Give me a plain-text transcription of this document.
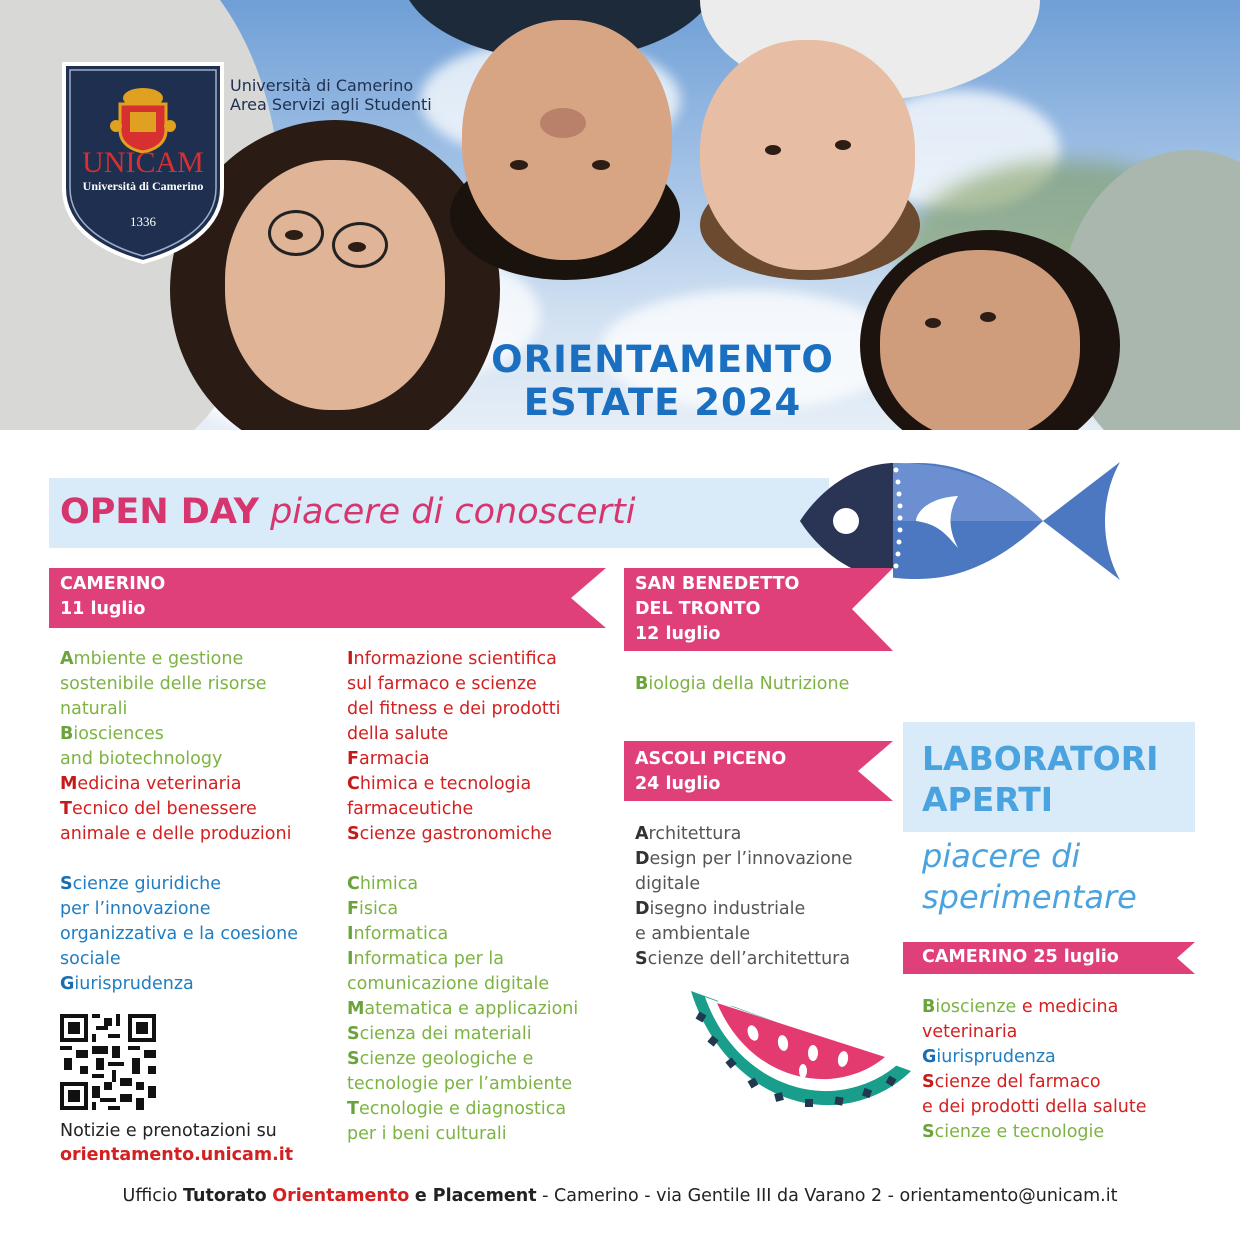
UNICAM
Università di Camerino
1336
Università di Camerino
Area Servizi agli Studenti
ORIENTAMENTO
ESTATE 2024
OPEN DAY piacere di conoscerti
CAMERINO
11 luglio
Ambiente e gestione
sostenibile delle risorse
naturali
Biosciences
and biotechnology
Medicina veterinaria
Tecnico del benessere
animale e delle produzioni
Scienze giuridiche
per l’innovazione
organizzativa e la coesione
sociale
Giurisprudenza
Informazione scientifica
sul farmaco e scienze
del fitness e dei prodotti
della salute
Farmacia
Chimica e tecnologia
farmaceutiche
Scienze gastronomiche
Chimica
Fisica
Informatica
Informatica per la
comunicazione digitale
Matematica e applicazioni
Scienza dei materiali
Scienze geologiche e
tecnologie per l’ambiente
Tecnologie e diagnostica
per i beni culturali
Notizie e prenotazioni su
orientamento.unicam.it
SAN BENEDETTO
DEL TRONTO
12 luglio
Biologia della Nutrizione
ASCOLI PICENO
24 luglio
Architettura
Design per l’innovazione
digitale
Disegno industriale
e ambientale
Scienze dell’architettura
LABORATORI
APERTI
piacere di
sperimentare
CAMERINO 25 luglio
Bioscienze e medicina
veterinaria
Giurisprudenza
Scienze del farmaco
e dei prodotti della salute
Scienze e tecnologie
Ufficio Tutorato Orientamento e Placement - Camerino - via Gentile III da Varano 2 - orientamento@unicam.it
